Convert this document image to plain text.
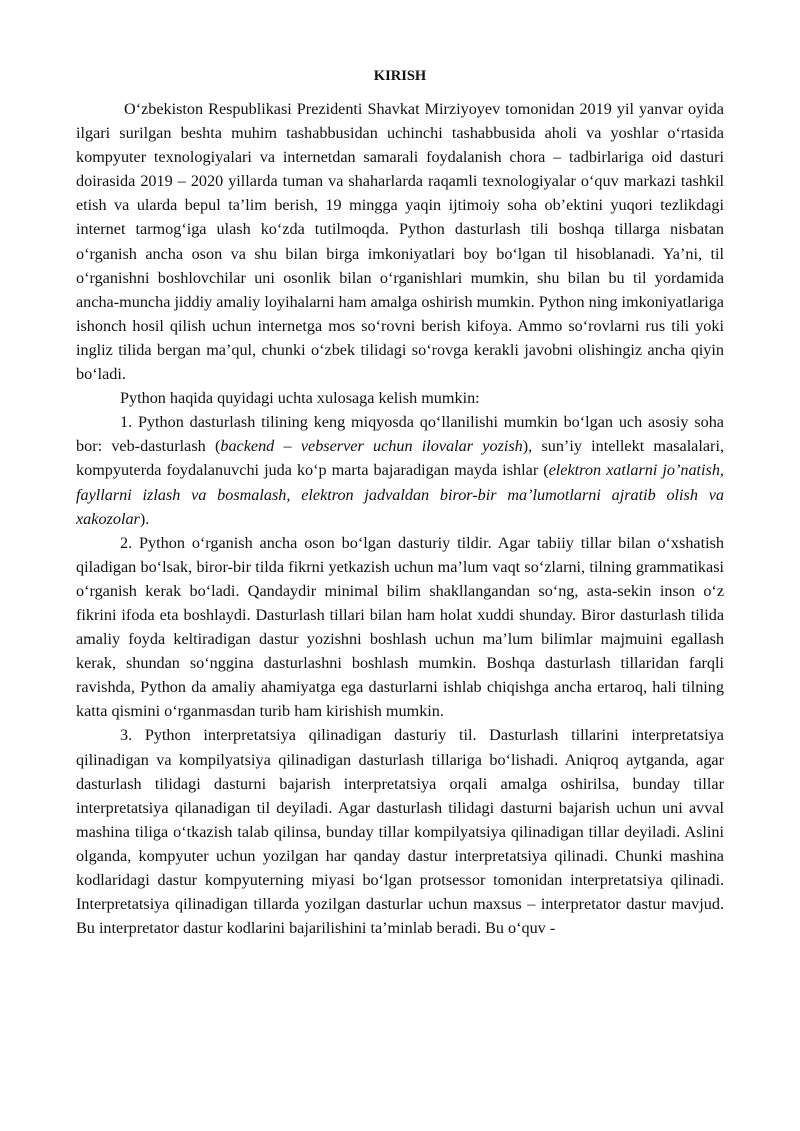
KIRISH

O‘zbekiston Respublikasi Prezidenti Shavkat Mirziyoyev tomonidan 2019 yil yanvar oyida ilgari surilgan beshta muhim tashabbusidan uchinchi tashabbusida aholi va yoshlar o‘rtasida kompyuter texnologiyalari va internetdan samarali foydalanish chora – tadbirlariga oid dasturi doirasida 2019 – 2020 yillarda tuman va shaharlarda raqamli texnologiyalar o‘quv markazi tashkil etish va ularda bepul ta’lim berish, 19 mingga yaqin ijtimoiy soha ob’ektini yuqori tezlikdagi internet tarmog‘iga ulash ko‘zda tutilmoqda. Python dasturlash tili boshqa tillarga nisbatan o‘rganish ancha oson va shu bilan birga imkoniyatlari boy bo‘lgan til hisoblanadi. Ya’ni, til o‘rganishni boshlovchilar uni osonlik bilan o‘rganishlari mumkin, shu bilan bu til yordamida ancha-muncha jiddiy amaliy loyihalarni ham amalga oshirish mumkin. Python ning imkoniyatlariga ishonch hosil qilish uchun internetga mos so‘rovni berish kifoya. Ammo so‘rovlarni rus tili yoki ingliz tilida bergan ma’qul, chunki o‘zbek tilidagi so‘rovga kerakli javobni olishingiz ancha qiyin bo‘ladi.

Python haqida quyidagi uchta xulosaga kelish mumkin:

1. Python dasturlash tilining keng miqyosda qo‘llanilishi mumkin bo‘lgan uch asosiy soha bor: veb-dasturlash (backend – vebserver uchun ilovalar yozish), sun’iy intellekt masalalari, kompyuterda foydalanuvchi juda ko‘p marta bajaradigan mayda ishlar (elektron xatlarni jo’natish, fayllarni izlash va bosmalash, elektron jadvaldan biror-bir ma’lumotlarni ajratib olish va xakozolar).

2. Python o‘rganish ancha oson bo‘lgan dasturiy tildir. Agar tabiiy tillar bilan o‘xshatish qiladigan bo‘lsak, biror-bir tilda fikrni yetkazish uchun ma’lum vaqt so‘zlarni, tilning grammatikasi o‘rganish kerak bo‘ladi. Qandaydir minimal bilim shakllangandan so‘ng, asta-sekin inson o‘z fikrini ifoda eta boshlaydi. Dasturlash tillari bilan ham holat xuddi shunday. Biror dasturlash tilida amaliy foyda keltiradigan dastur yozishni boshlash uchun ma’lum bilimlar majmuini egallash kerak, shundan so‘nggina dasturlashni boshlash mumkin. Boshqa dasturlash tillaridan farqli ravishda, Python da amaliy ahamiyatga ega dasturlarni ishlab chiqishga ancha ertaroq, hali tilning katta qismini o‘rganmasdan turib ham kirishish mumkin.

3. Python interpretatsiya qilinadigan dasturiy til. Dasturlash tillarini interpretatsiya qilinadigan va kompilyatsiya qilinadigan dasturlash tillariga bo‘lishadi. Aniqroq aytganda, agar dasturlash tilidagi dasturni bajarish interpretatsiya orqali amalga oshirilsa, bunday tillar interpretatsiya qilanadigan til deyiladi. Agar dasturlash tilidagi dasturni bajarish uchun uni avval mashina tiliga o‘tkazish talab qilinsa, bunday tillar kompilyatsiya qilinadigan tillar deyiladi. Aslini olganda, kompyuter uchun yozilgan har qanday dastur interpretatsiya qilinadi. Chunki mashina kodlaridagi dastur kompyuterning miyasi bo‘lgan protsessor tomonidan interpretatsiya qilinadi. Interpretatsiya qilinadigan tillarda yozilgan dasturlar uchun maxsus – interpretator dastur mavjud. Bu interpretator dastur kodlarini bajarilishini ta’minlab beradi. Bu o‘quv -
